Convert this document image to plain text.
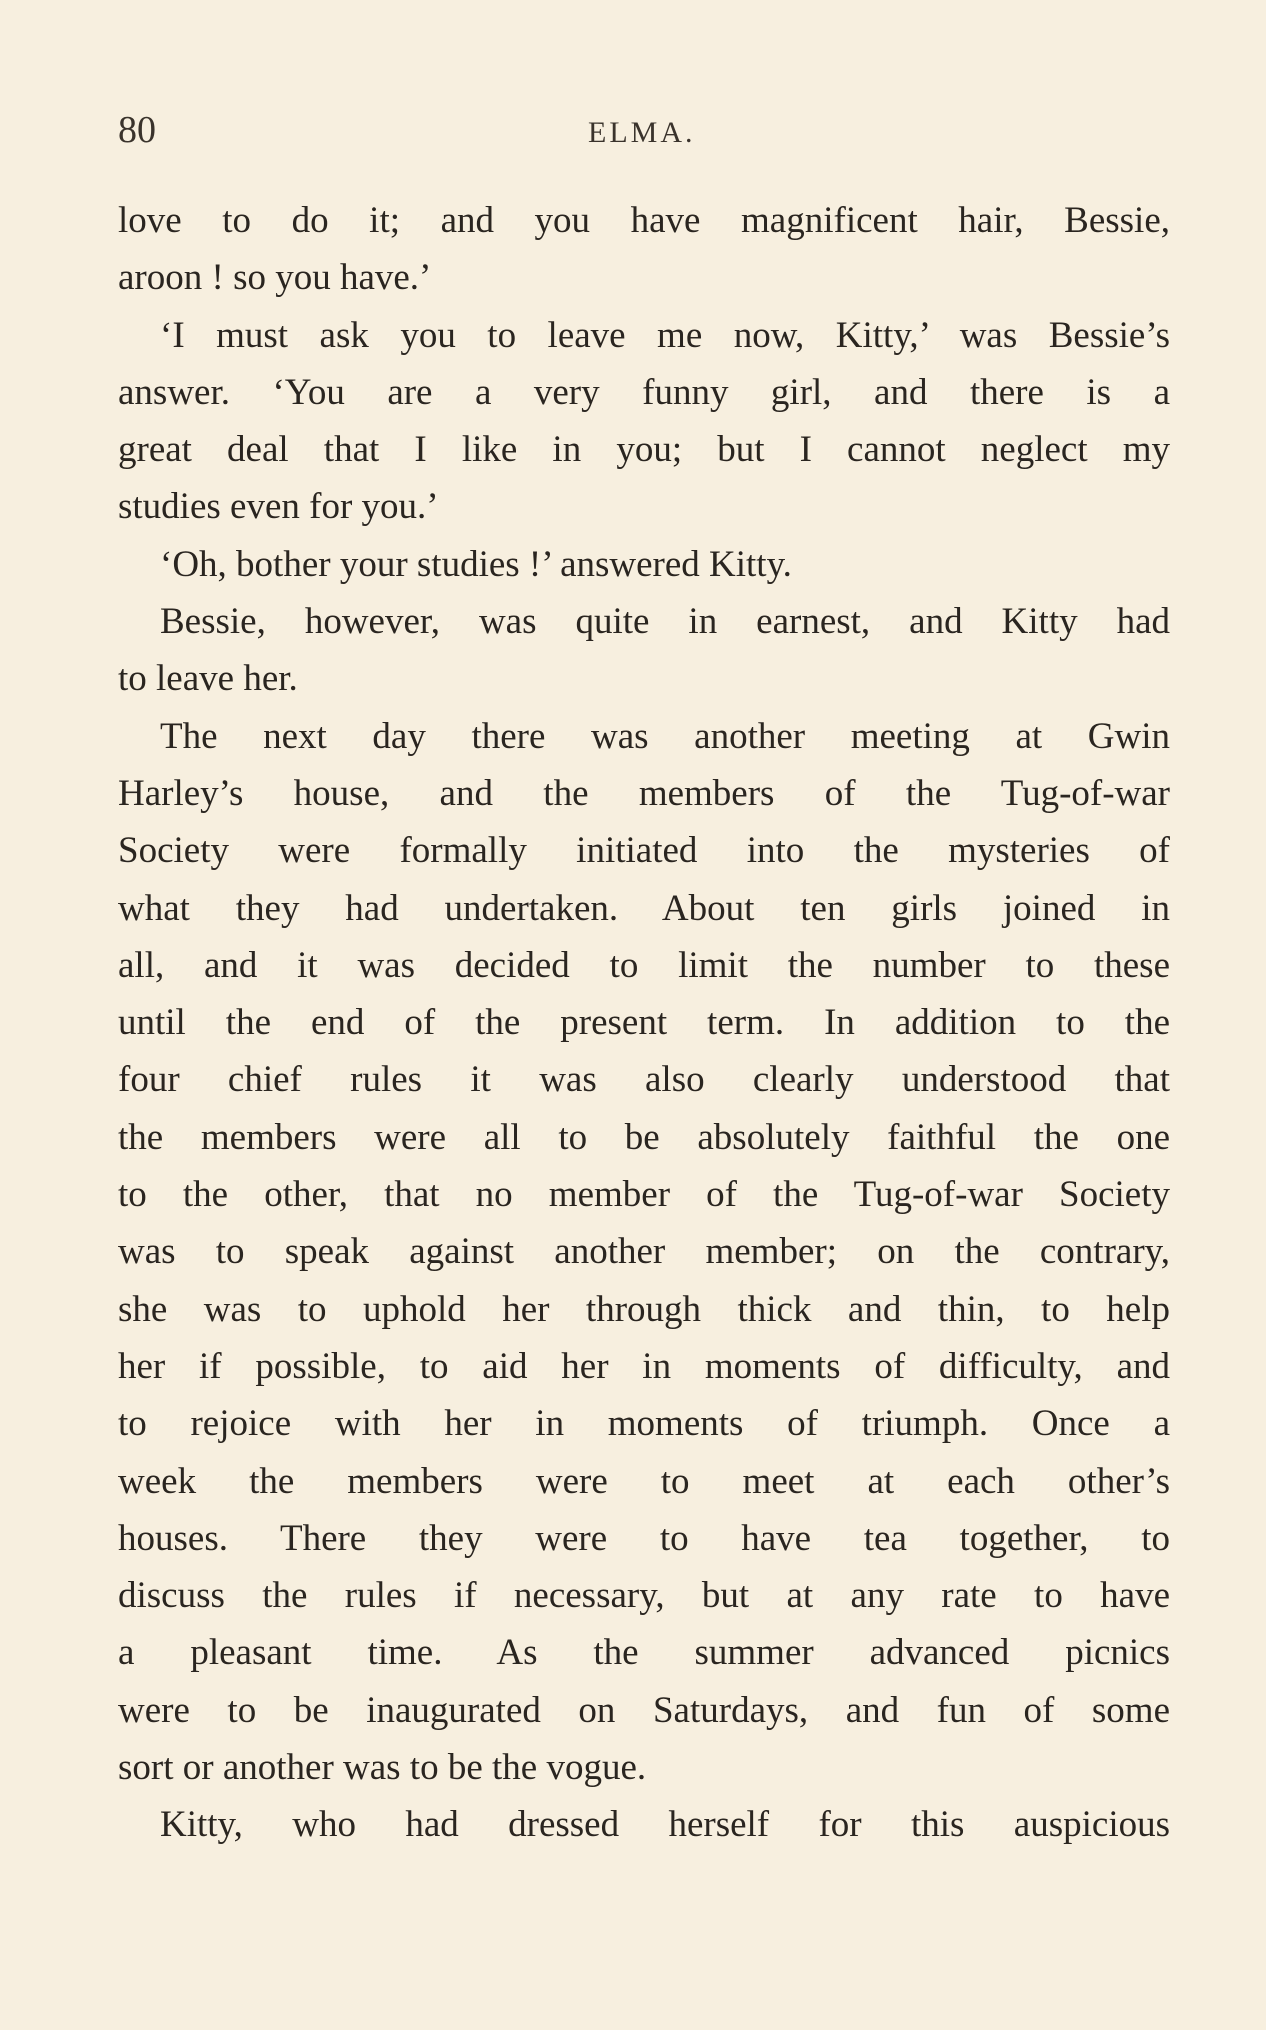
80	ELMA.
love to do it; and you have magnificent hair, Bessie,
aroon ! so you have.’
‘I must ask you to leave me now, Kitty,’ was Bessie’s
answer. ‘You are a very funny girl, and there is a
great deal that I like in you; but I cannot neglect my
studies even for you.’
‘Oh, bother your studies !’ answered Kitty.
Bessie, however, was quite in earnest, and Kitty had
to leave her.
The next day there was another meeting at Gwin
Harley’s house, and the members of the Tug-of-war
Society were formally initiated into the mysteries of
what they had undertaken. About ten girls joined in
all, and it was decided to limit the number to these
until the end of the present term. In addition to the
four chief rules it was also clearly understood that
the members were all to be absolutely faithful the one
to the other, that no member of the Tug-of-war Society
was to speak against another member; on the contrary,
she was to uphold her through thick and thin, to help
her if possible, to aid her in moments of difficulty, and
to rejoice with her in moments of triumph. Once a
week the members were to meet at each other’s
houses. There they were to have tea together, to
discuss the rules if necessary, but at any rate to have
a pleasant time. As the summer advanced picnics
were to be inaugurated on Saturdays, and fun of some
sort or another was to be the vogue.
Kitty, who had dressed herself for this auspicious
